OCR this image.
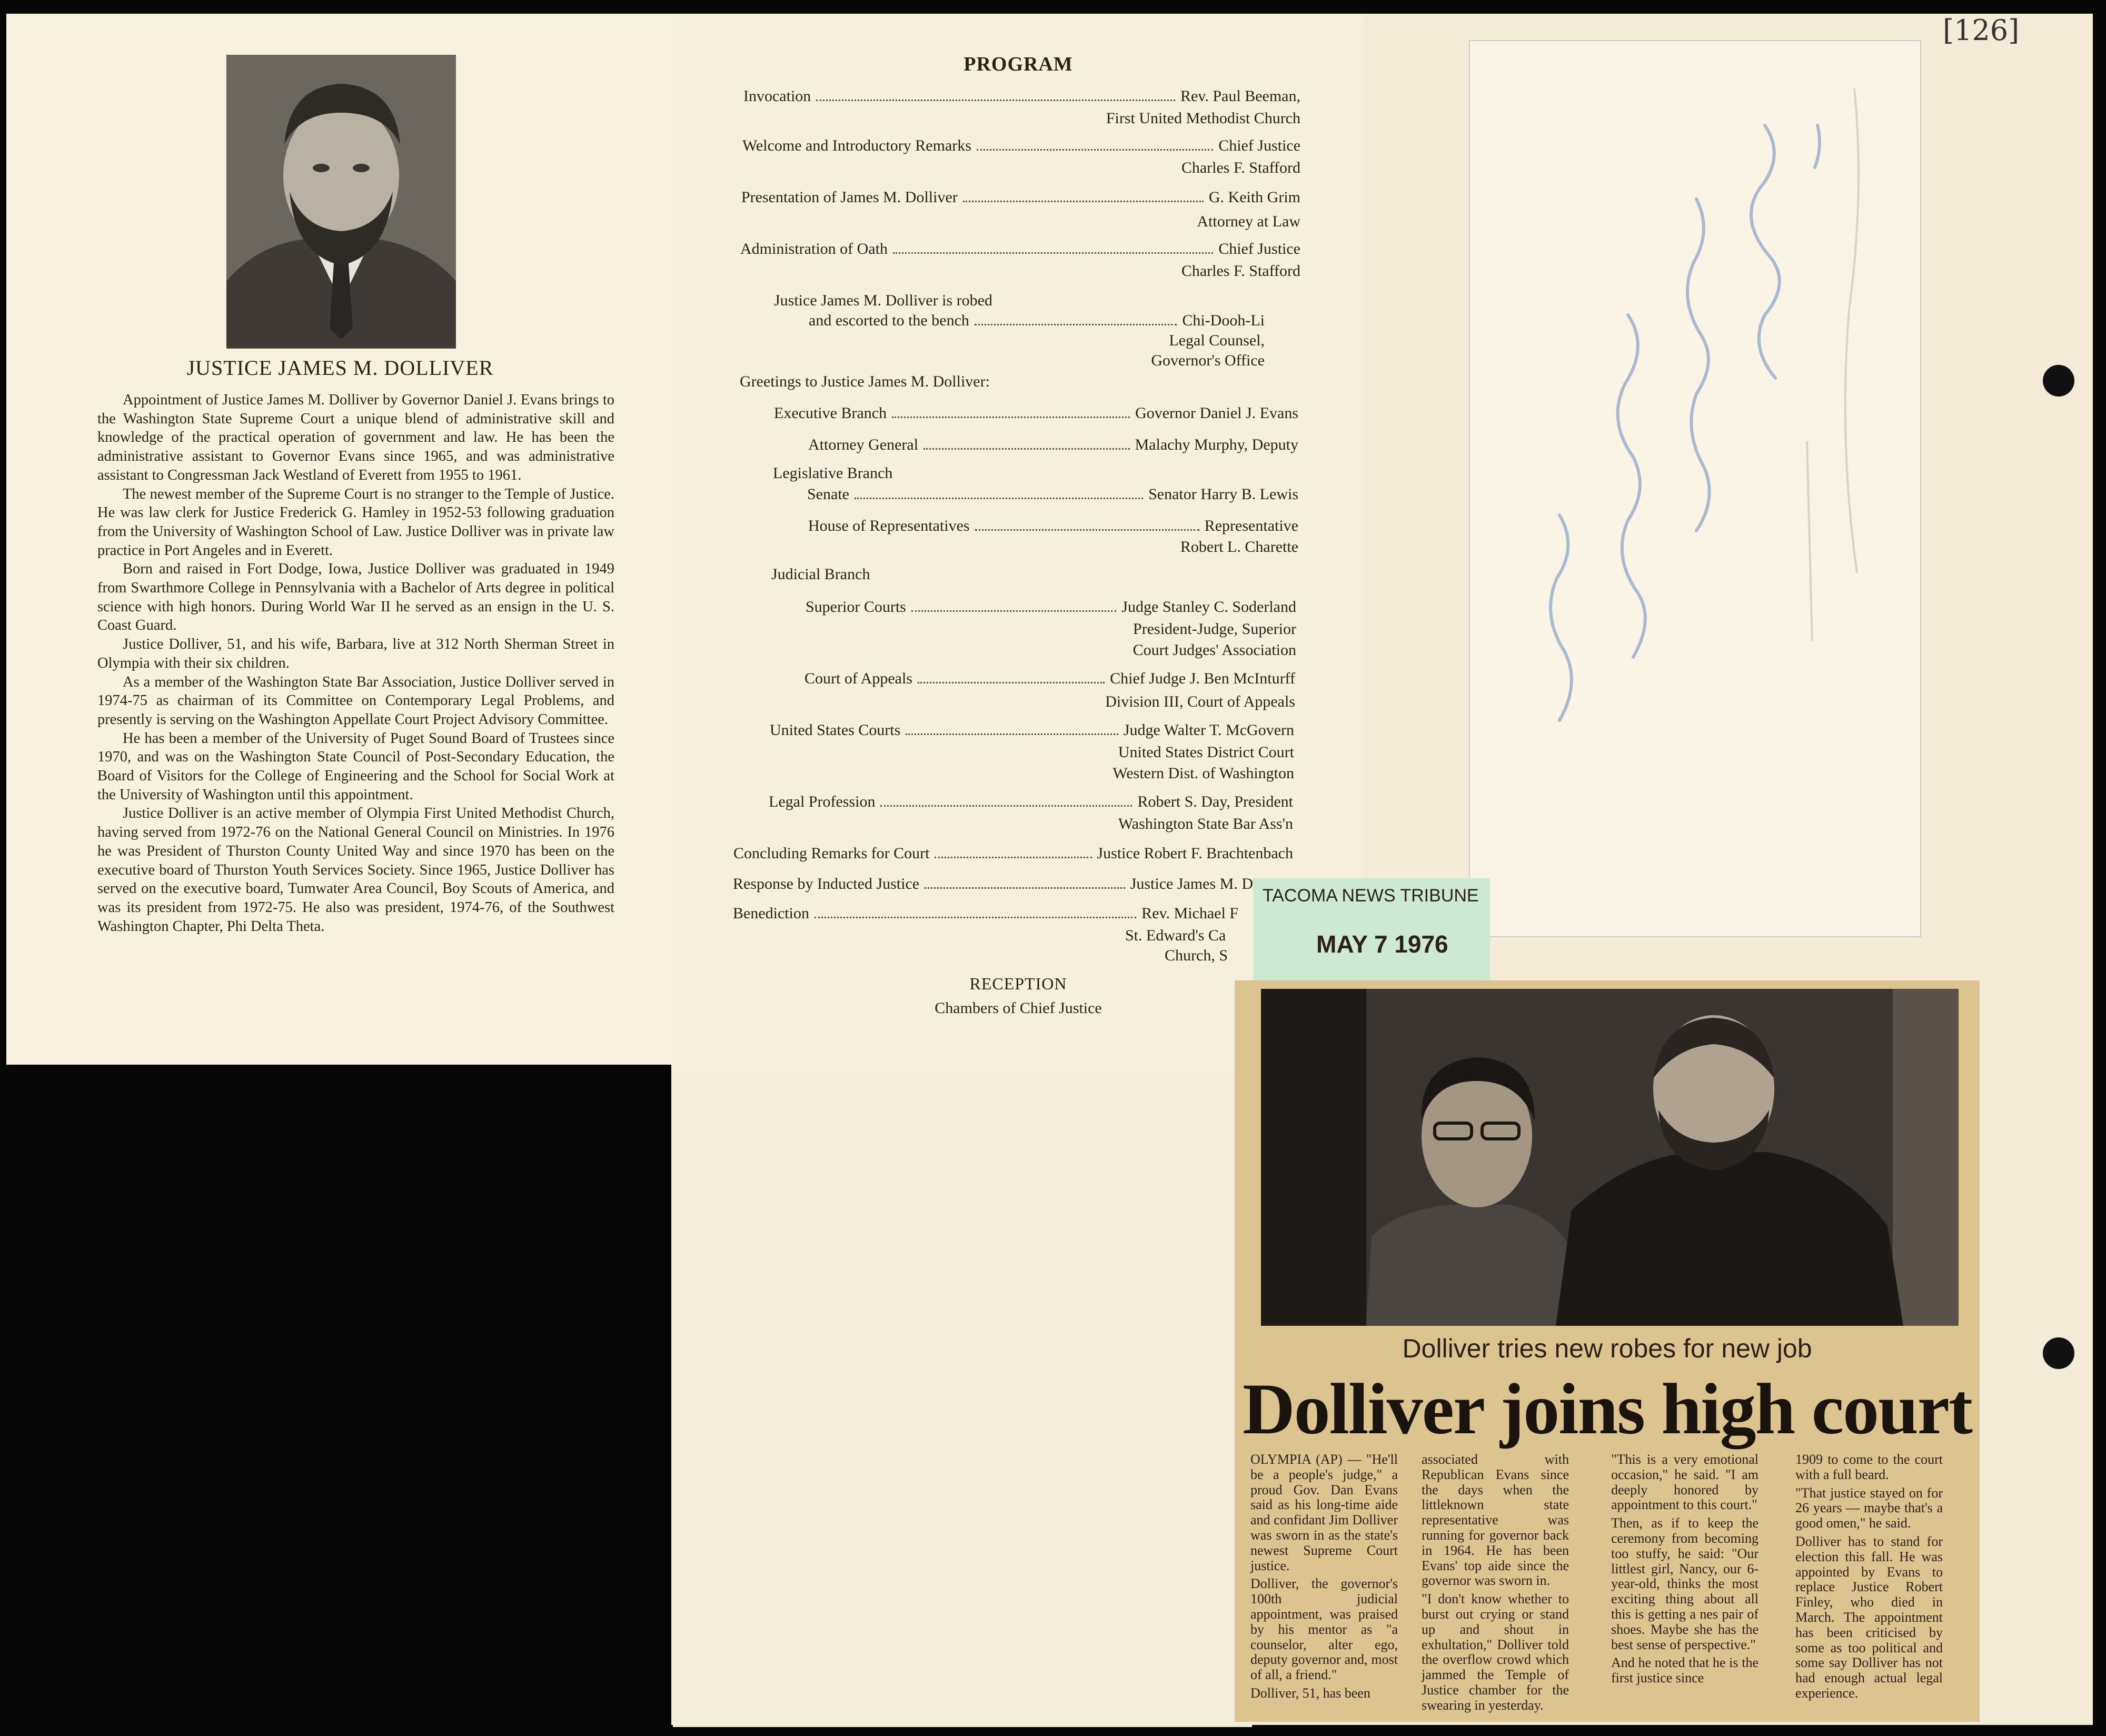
[126]
JUSTICE JAMES M. DOLLIVER

Appointment of Justice James M. Dolliver by Governor Daniel J. Evans brings to the Washington State Supreme Court a unique blend of administrative skill and knowledge of the practical operation of government and law. He has been the administrative assistant to Governor Evans since 1965, and was administrative assistant to Congressman Jack Westland of Everett from 1955 to 1961.

The newest member of the Supreme Court is no stranger to the Temple of Justice. He was law clerk for Justice Frederick G. Hamley in 1952-53 following graduation from the University of Washington School of Law. Justice Dolliver was in private law practice in Port Angeles and in Everett.

Born and raised in Fort Dodge, Iowa, Justice Dolliver was graduated in 1949 from Swarthmore College in Pennsylvania with a Bachelor of Arts degree in political science with high honors. During World War II he served as an ensign in the U. S. Coast Guard.

Justice Dolliver, 51, and his wife, Barbara, live at 312 North Sherman Street in Olympia with their six children.

As a member of the Washington State Bar Association, Justice Dolliver served in 1974-75 as chairman of its Committee on Contemporary Legal Problems, and presently is serving on the Washington Appellate Court Project Advisory Committee.

He has been a member of the University of Puget Sound Board of Trustees since 1970, and was on the Washington State Council of Post-Secondary Education, the Board of Visitors for the College of Engineering and the School for Social Work at the University of Washington until this appointment.

Justice Dolliver is an active member of Olympia First United Methodist Church, having served from 1972-76 on the National General Council on Ministries. In 1976 he was President of Thurston County United Way and since 1970 has been on the executive board of Thurston Youth Services Society. Since 1965, Justice Dolliver has served on the executive board, Tumwater Area Council, Boy Scouts of America, and was its president from 1972-75. He also was president, 1974-76, of the Southwest Washington Chapter, Phi Delta Theta.

PROGRAM
Invocation	Rev. Paul Beeman,
First United Methodist Church
Welcome and Introductory Remarks	Chief Justice
Charles F. Stafford
Presentation of James M. Dolliver	G. Keith Grim
Attorney at Law
Administration of Oath	Chief Justice
Charles F. Stafford
Justice James M. Dolliver is robed
and escorted to the bench	Chi-Dooh-Li
Legal Counsel,
Governor's Office
Greetings to Justice James M. Dolliver:
Executive Branch	Governor Daniel J. Evans
Attorney General	Malachy Murphy, Deputy
Legislative Branch
Senate	Senator Harry B. Lewis
House of Representatives	Representative
Robert L. Charette
Judicial Branch
Superior Courts	Judge Stanley C. Soderland
President-Judge, Superior
Court Judges' Association
Court of Appeals	Chief Judge J. Ben McInturff
Division III, Court of Appeals
United States Courts	Judge Walter T. McGovern
United States District Court
Western Dist. of Washington
Legal Profession	Robert S. Day, President
Washington State Bar Ass'n
Concluding Remarks for Court	Justice Robert F. Brachtenbach
Response by Inducted Justice	Justice James M. D
Benediction	Rev. Michael F
St. Edward's Ca
Church, S
RECEPTION
Chambers of Chief Justice
TACOMA NEWS TRIBUNE
MAY 7 1976
Dolliver tries new robes for new job
Dolliver joins high court

OLYMPIA (AP) — "He'll be a people's judge," a proud Gov. Dan Evans said as his long-time aide and confidant Jim Dolliver was sworn in as the state's newest Supreme Court justice.

Dolliver, the governor's 100th judicial appointment, was praised by his mentor as "a counselor, alter ego, deputy governor and, most of all, a friend."

Dolliver, 51, has been

associated with Republican Evans since the days when the littleknown state representative was running for governor back in 1964. He has been Evans' top aide since the governor was sworn in.

"I don't know whether to burst out crying or stand up and shout in exhultation," Dolliver told the overflow crowd which jammed the Temple of Justice chamber for the swearing in yesterday.

"This is a very emotional occasion," he said. "I am deeply honored by appointment to this court."

Then, as if to keep the ceremony from becoming too stuffy, he said: "Our littlest girl, Nancy, our 6-year-old, thinks the most exciting thing about all this is getting a nes pair of shoes. Maybe she has the best sense of perspective."

And he noted that he is the first justice since

1909 to come to the court with a full beard.

"That justice stayed on for 26 years — maybe that's a good omen," he said.

Dolliver has to stand for election this fall. He was appointed by Evans to replace Justice Robert Finley, who died in March. The appointment has been criticised by some as too political and some say Dolliver has not had enough actual legal experience.
